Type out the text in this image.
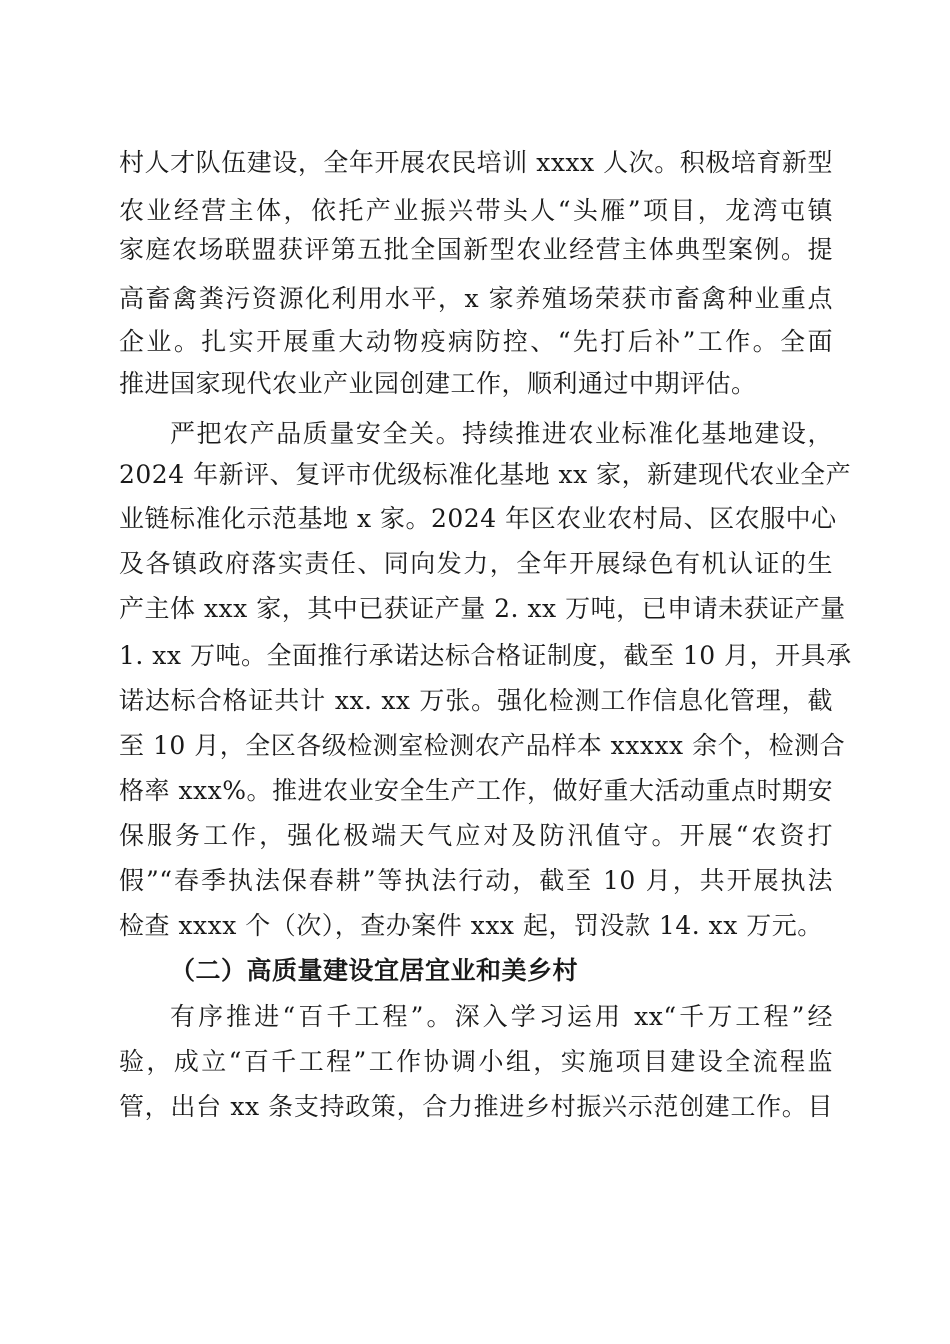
村人才队伍建设，全年开展农民培训 xxxx 人次。积极培育新型
农业经营主体，依托产业振兴带头人“头雁”项目，龙湾屯镇
家庭农场联盟获评第五批全国新型农业经营主体典型案例。提
高畜禽粪污资源化利用水平，x 家养殖场荣获市畜禽种业重点
企业。扎实开展重大动物疫病防控、“先打后补”工作。全面
推进国家现代农业产业园创建工作，顺利通过中期评估。
严把农产品质量安全关。持续推进农业标准化基地建设，
2024 年新评、复评市优级标准化基地 xx 家，新建现代农业全产
业链标准化示范基地 x 家。2024 年区农业农村局、区农服中心
及各镇政府落实责任、同向发力，全年开展绿色有机认证的生
产主体 xxx 家，其中已获证产量 2. xx 万吨，已申请未获证产量
1. xx 万吨。全面推行承诺达标合格证制度，截至 10 月，开具承
诺达标合格证共计 xx. xx 万张。强化检测工作信息化管理，截
至 10 月，全区各级检测室检测农产品样本 xxxxx 余个，检测合
格率 xxx%。推进农业安全生产工作，做好重大活动重点时期安
保服务工作，强化极端天气应对及防汛值守。开展“农资打
假”“春季执法保春耕”等执法行动，截至 10 月，共开展执法
检查 xxxx 个（次），查办案件 xxx 起，罚没款 14. xx 万元。
（二）高质量建设宜居宜业和美乡村
有序推进“百千工程”。深入学习运用 xx“千万工程”经
验，成立“百千工程”工作协调小组，实施项目建设全流程监
管，出台 xx 条支持政策，合力推进乡村振兴示范创建工作。目
